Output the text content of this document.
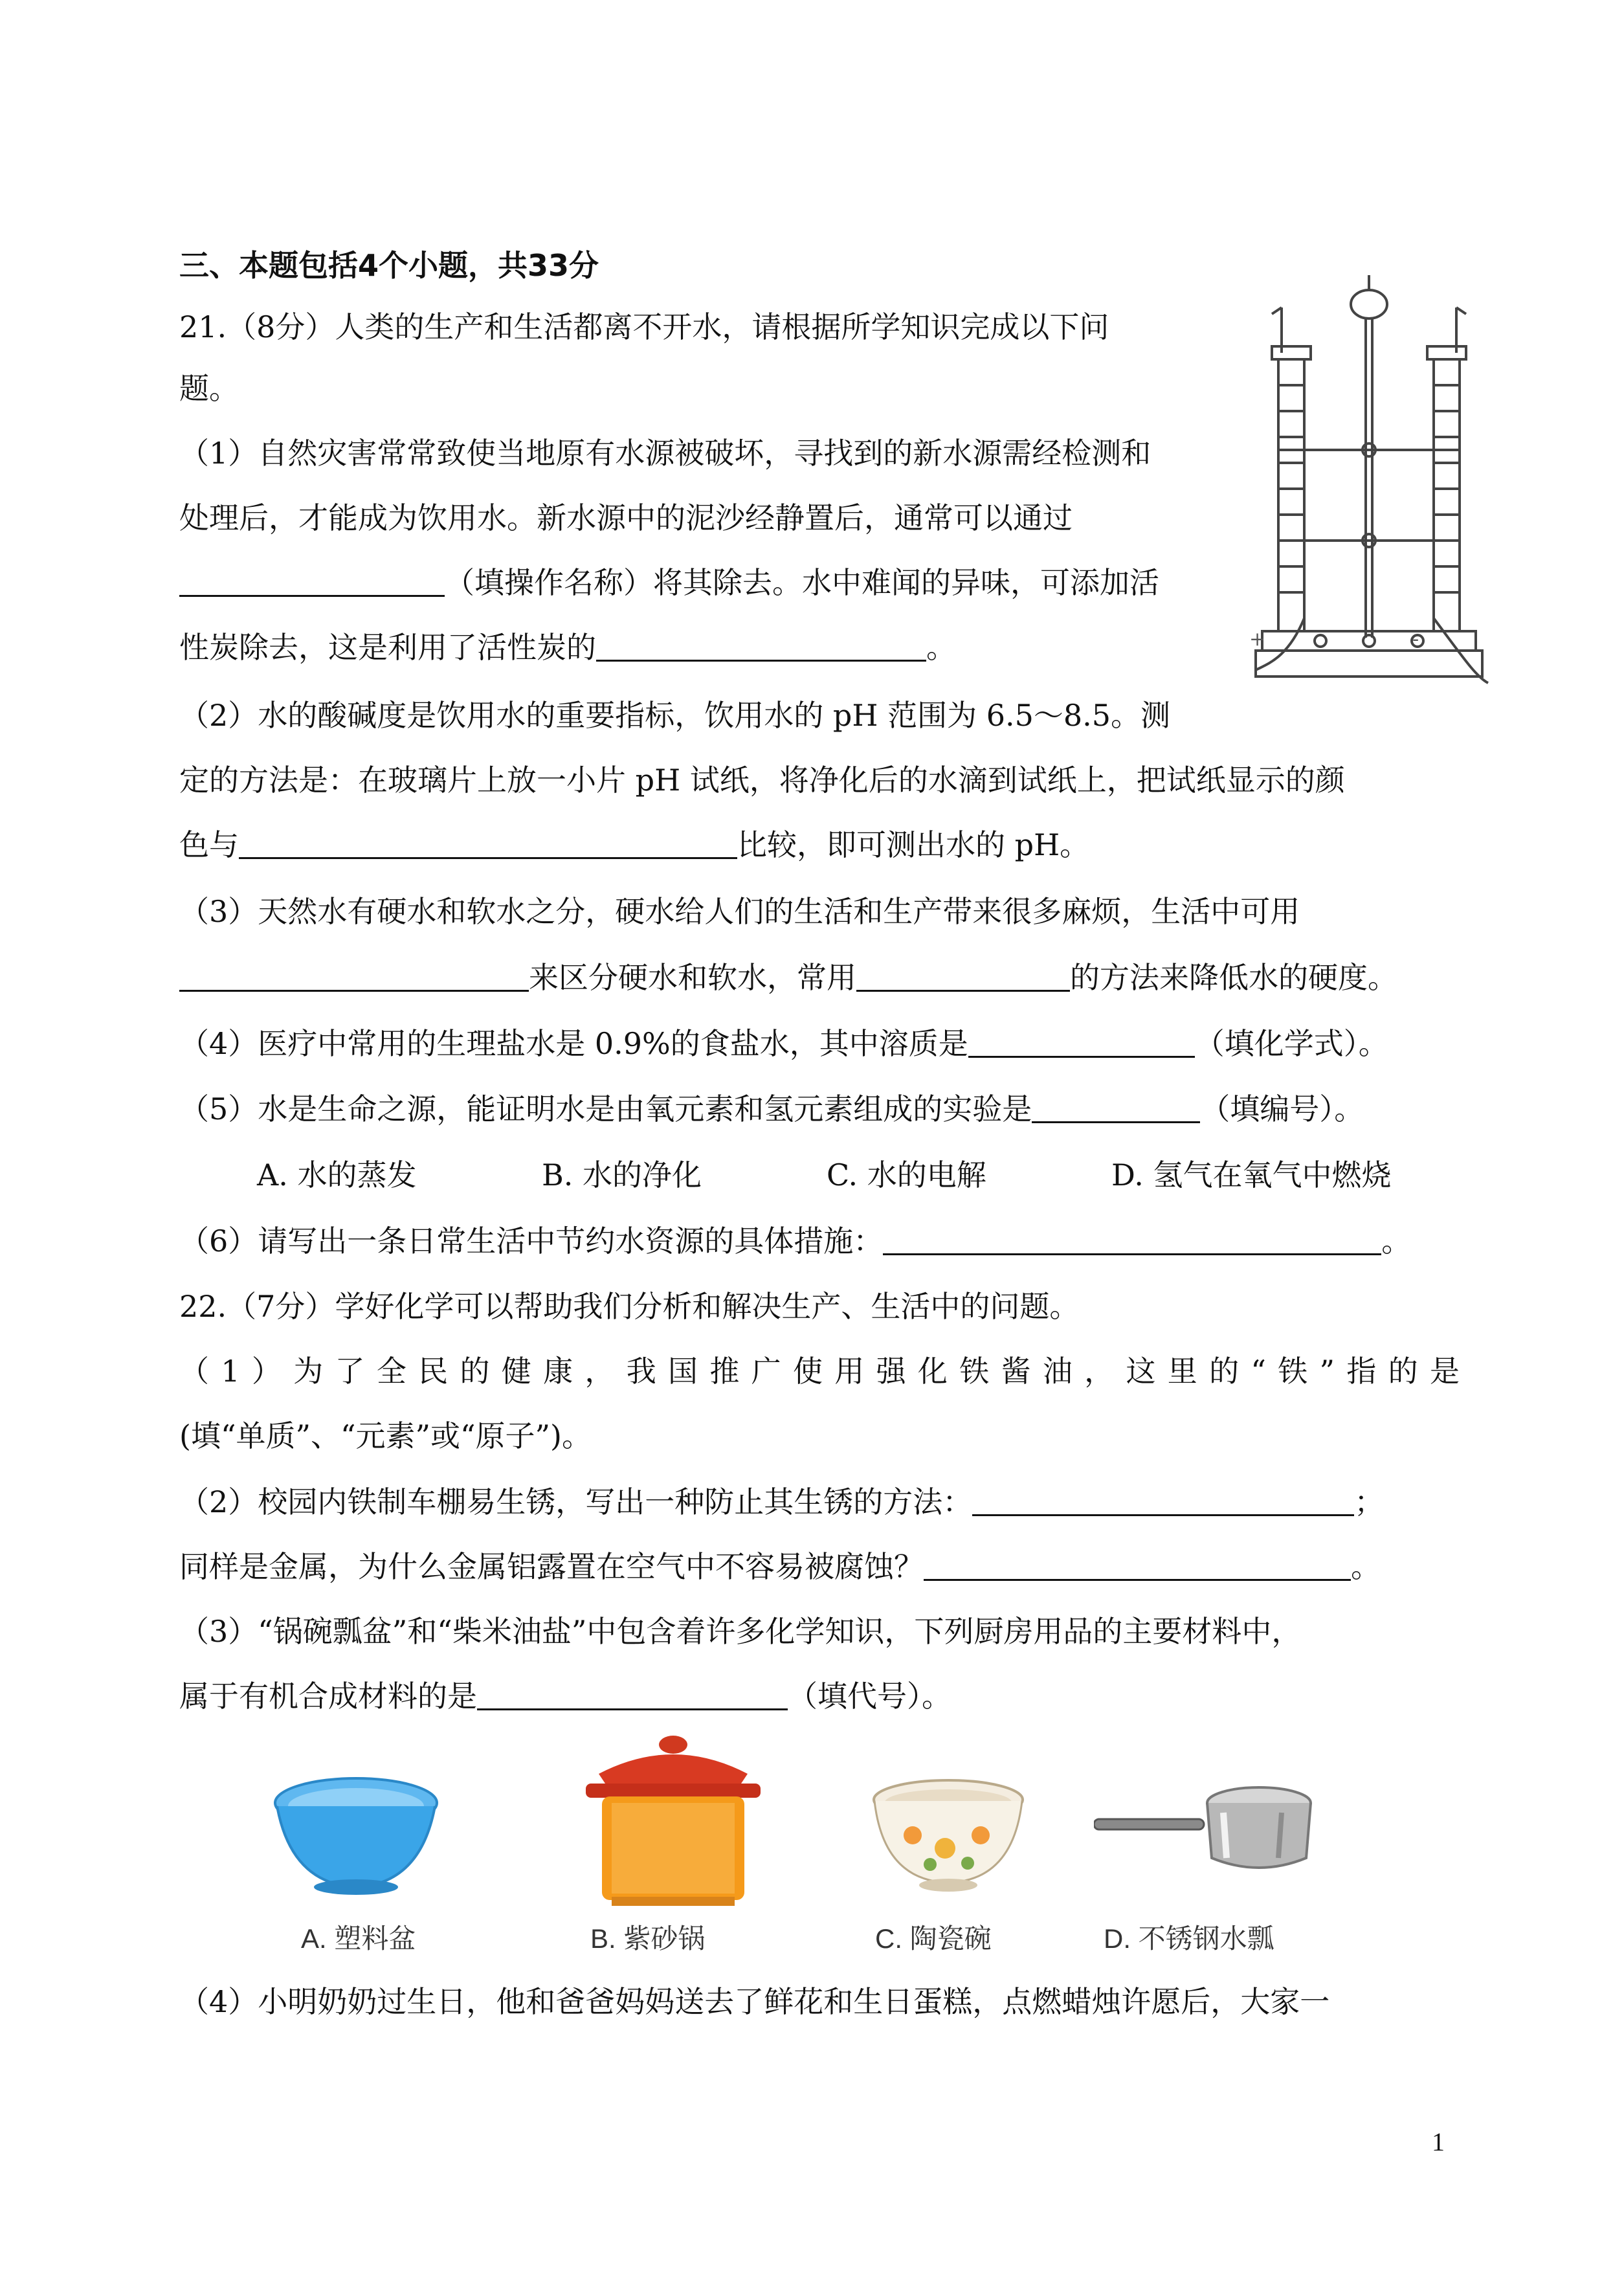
三、本题包括4个小题，共33分
21.（8分）人类的生产和生活都离不开水，请根据所学知识完成以下问
题。
（1）自然灾害常常致使当地原有水源被破坏，寻找到的新水源需经检测和
处理后，才能成为饮用水。新水源中的泥沙经静置后，通常可以通过
（填操作名称）将其除去。水中难闻的异味，可添加活
性炭除去，这是利用了活性炭的	。	+	-
（2）水的酸碱度是饮用水的重要指标，饮用水的 pH 范围为 6.5～8.5。测
定的方法是：在玻璃片上放一小片 pH 试纸，将净化后的水滴到试纸上，把试纸显示的颜
色与	比较，即可测出水的 pH。
（3）天然水有硬水和软水之分，硬水给人们的生活和生产带来很多麻烦，生活中可用
来区分硬水和软水，常用	的方法来降低水的硬度。
（4）医疗中常用的生理盐水是 0.9%的食盐水，其中溶质是	（填化学式）。
（5）水是生命之源，能证明水是由氧元素和氢元素组成的实验是	（填编号）。
A. 水的蒸发	B. 水的净化	C. 水的电解	D. 氢气在氧气中燃烧
（6）请写出一条日常生活中节约水资源的具体措施：	。
22.（7分）学好化学可以帮助我们分析和解决生产、生活中的问题。
（1）为了全民的健康，我国推广使用强化铁酱油，这里的“铁”指的是
(填“单质”、“元素”或“原子”)。
（2）校园内铁制车棚易生锈，写出一种防止其生锈的方法：	；
同样是金属，为什么金属铝露置在空气中不容易被腐蚀？	。
（3）“锅碗瓢盆”和“柴米油盐”中包含着许多化学知识，下列厨房用品的主要材料中，
属于有机合成材料的是	（填代号）。
A. 塑料盆	B. 紫砂锅	C. 陶瓷碗	D. 不锈钢水瓢
（4）小明奶奶过生日，他和爸爸妈妈送去了鲜花和生日蛋糕，点燃蜡烛许愿后，大家一
1
